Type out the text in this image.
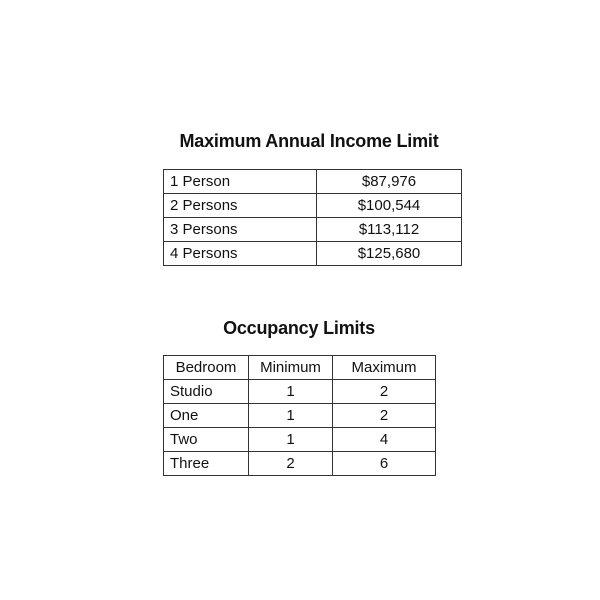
Maximum Annual Income Limit
1 Person	$87,976
2 Persons	$100,544
3 Persons	$113,112
4 Persons	$125,680
Occupancy Limits
Bedroom	Minimum	Maximum
Studio	1	2
One	1	2
Two	1	4
Three	2	6
